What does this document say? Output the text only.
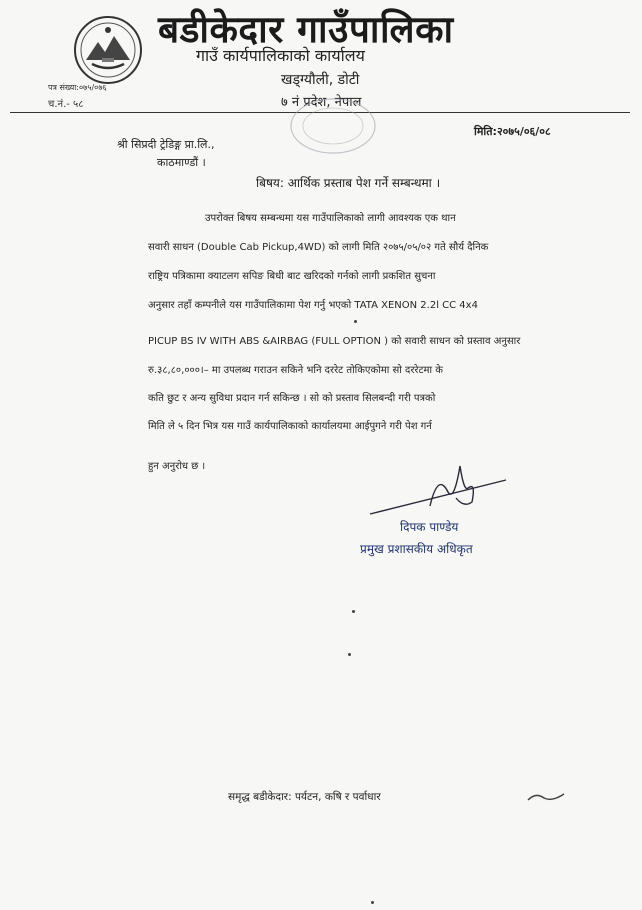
बडीकेदार गाउँपालिका
गाउँ कार्यपालिकाको कार्यालय
खड्ग्यौली, डोटी
७ नं प्रदेश, नेपाल
पत्र संख्या:०७५/०७६
च.नं.- ५८
मिति:२०७५/०६/०८
श्री सिप्रदी ट्रेडिङ्ग प्रा.लि.,
काठमाण्डौं ।
बिषय: आर्थिक प्रस्ताब पेश गर्ने सम्बन्धमा ।
उपरोक्त बिषय सम्बन्धमा यस गाउँपालिकाको लागी आवश्यक एक थान
सवारी साधन (Double Cab Pickup,4WD) को लागी मिति २०७५/०५/०२ गते सौर्य दैनिक
राष्ट्रिय पत्रिकामा क्याटलग सपिङ बिधी बाट खरिदको गर्नको लागी प्रकशित सुचना
अनुसार तहाँ कम्पनीले यस गाउँपालिकामा पेश गर्नु भएको TATA XENON 2.2l CC 4x4
PICUP BS IV WITH ABS &AIRBAG (FULL OPTION ) को सवारी साधन को प्रस्ताव अनुसार
रु.३८,८०,०००।– मा उपलब्ध गराउन सकिने भनि दररेट तोकिएकोमा सो दररेटमा के
कति छुट र अन्य सुविधा प्रदान गर्न सकिन्छ । सो को प्रस्ताव सिलबन्दी गरी पत्रको
मिति ले ५ दिन भित्र यस गाउँ कार्यपालिकाको कार्यालयमा आईपुगने गरी पेश गर्न
हुन अनुरोध छ ।
दिपक पाण्डेय
प्रमुख प्रशासकीय अधिकृत
समृद्ध बडीकेदार: पर्यटन, कषि र पर्वाधार
